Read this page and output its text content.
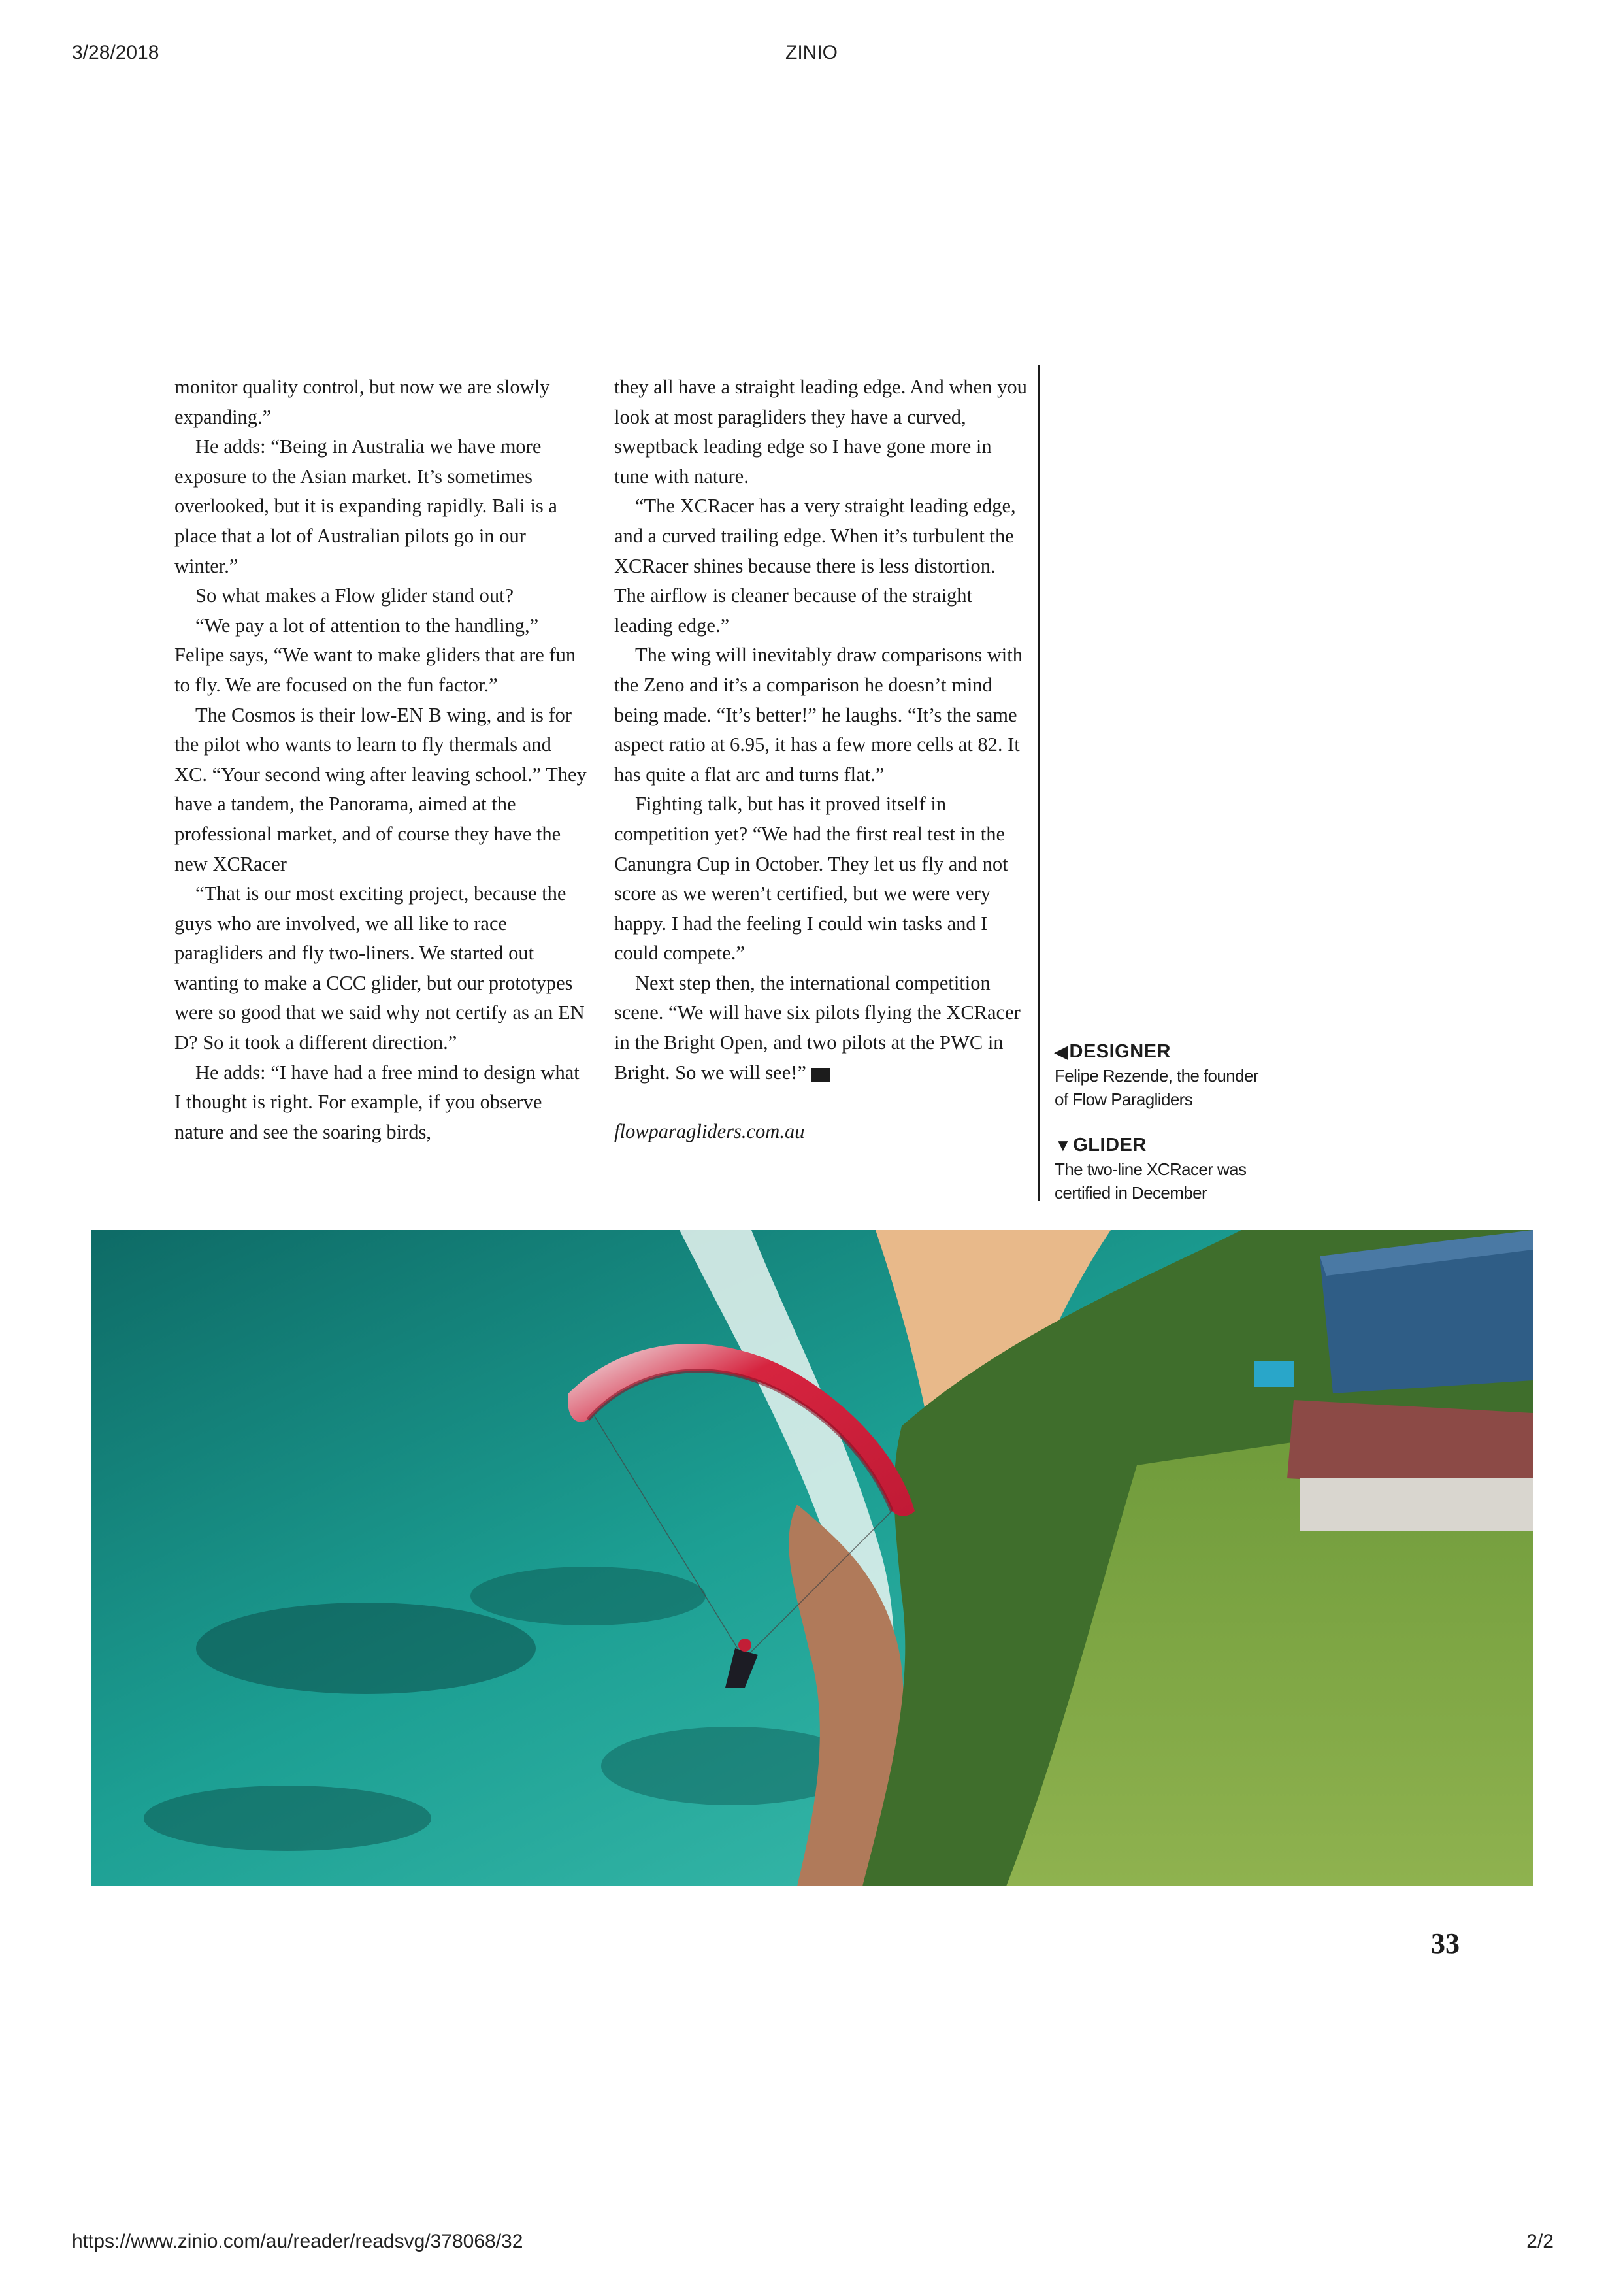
3/28/2018	ZINIO

monitor quality control, but now we are slowly expanding.”

He adds: “Being in Australia we have more exposure to the Asian market. It’s sometimes overlooked, but it is expanding rapidly. Bali is a place that a lot of Australian pilots go in our winter.”

So what makes a Flow glider stand out?

“We pay a lot of attention to the handling,” Felipe says, “We want to make gliders that are fun to fly. We are focused on the fun factor.”

The Cosmos is their low-EN B wing, and is for the pilot who wants to learn to fly thermals and XC. “Your second wing after leaving school.” They have a tandem, the Panorama, aimed at the professional market, and of course they have the new XCRacer

“That is our most exciting project, because the guys who are involved, we all like to race paragliders and fly two-liners. We started out wanting to make a CCC glider, but our prototypes were so good that we said why not certify as an EN D? So it took a different direction.”

He adds: “I have had a free mind to design what I thought is right. For example, if you observe nature and see the soaring birds,

they all have a straight leading edge. And when you look at most paragliders they have a curved, sweptback leading edge so I have gone more in tune with nature.

“The XCRacer has a very straight leading edge, and a curved trailing edge. When it’s turbulent the XCRacer shines because there is less distortion. The airflow is cleaner because of the straight leading edge.”

The wing will inevitably draw comparisons with the Zeno and it’s a comparison he doesn’t mind being made. “It’s better!” he laughs. “It’s the same aspect ratio at 6.95, it has a few more cells at 82. It has quite a flat arc and turns flat.”

Fighting talk, but has it proved itself in competition yet? “We had the first real test in the Canungra Cup in October. They let us fly and not score as we weren’t certified, but we were very happy. I had the feeling I could win tasks and I could compete.”

Next step then, the international competition scene. “We will have six pilots flying the XCRacer in the Bright Open, and two pilots at the PWC in Bright. So we will see!”	XC

flowparagliders.com.au
◀DESIGNER
Felipe Rezende, the founder of Flow Paragliders
▼GLIDER
The two-line XCRacer was certified in December
33
https://www.zinio.com/au/reader/readsvg/378068/32	2/2
